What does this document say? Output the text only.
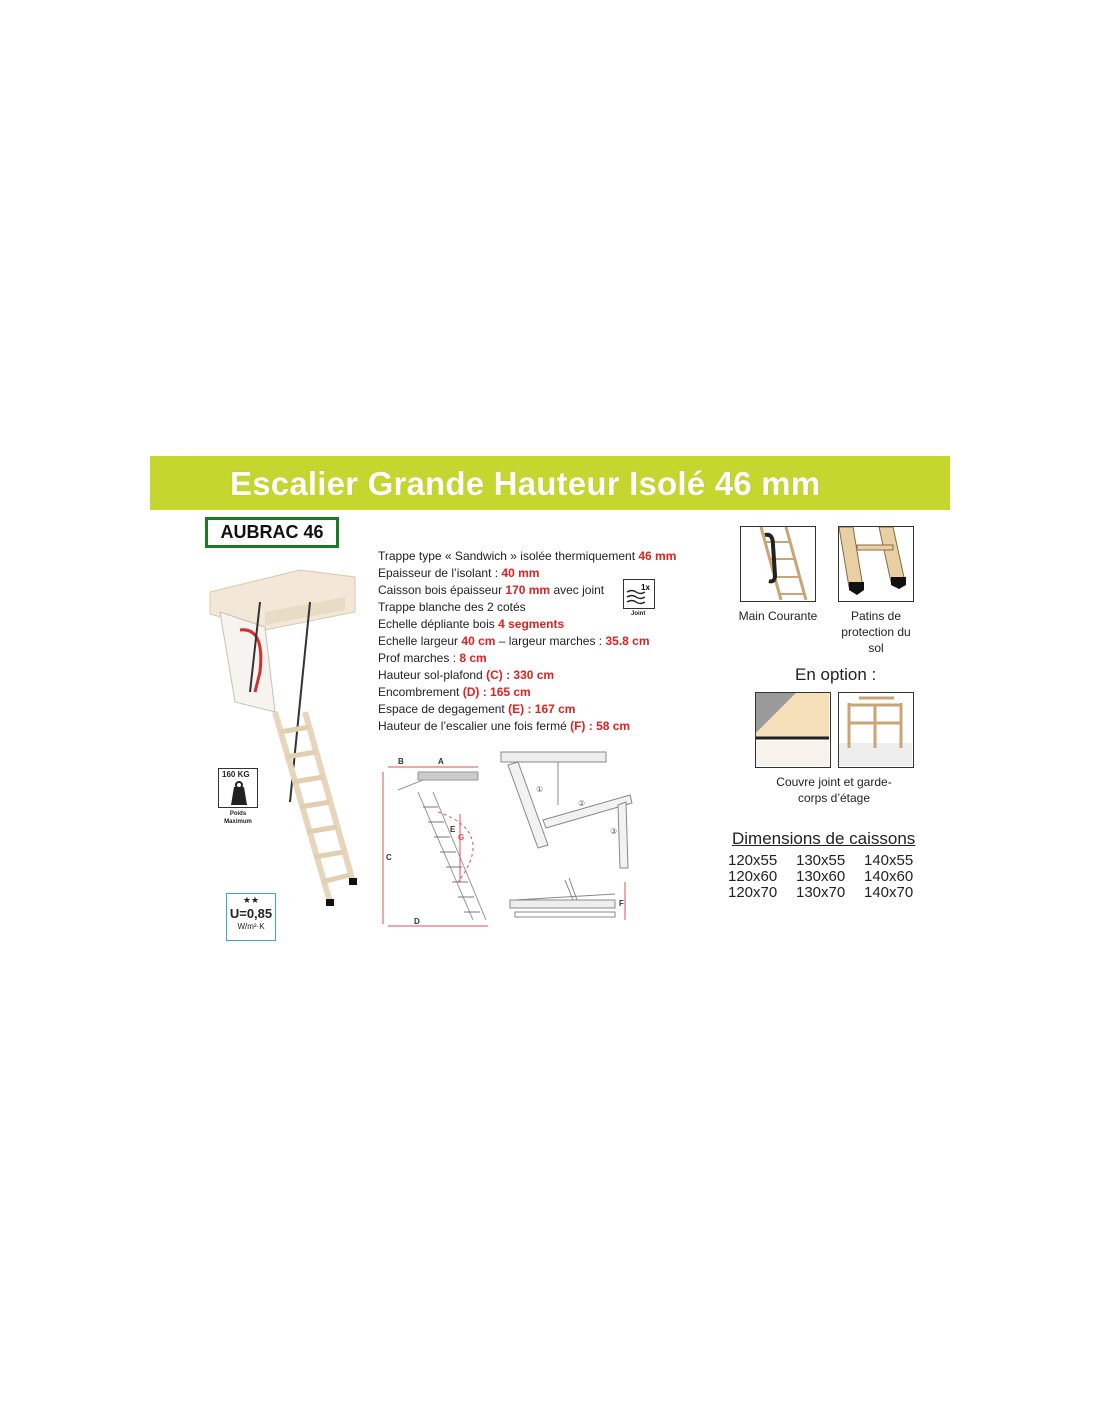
Escalier Grande Hauteur Isolé 46 mm
AUBRAC 46
160 KG
Poids
Maximum
★★
U=0,85
W/m²·K
Trappe type « Sandwich » isolée thermiquement 46 mm
Epaisseur de l’isolant : 40 mm
Caisson bois épaisseur 170 mm avec joint
Trappe blanche des 2 cotés
Echelle dépliante bois 4 segments
Echelle largeur 40 cm – largeur marches : 35.8 cm
Prof marches : 8 cm
Hauteur sol-plafond (C) : 330 cm
Encombrement (D) : 165 cm
Espace de degagement (E) : 167 cm
Hauteur de l’escalier une fois fermé (F) : 58 cm
1x
Joint
B	A
C
D
E
G
①
②
③
F
Main Courante	Patins de
protection du
sol
En option :
Couvre joint et garde-
corps d’étage
Dimensions de caissons
120x55	130x55	140x55
120x60	130x60	140x60
120x70	130x70	140x70
